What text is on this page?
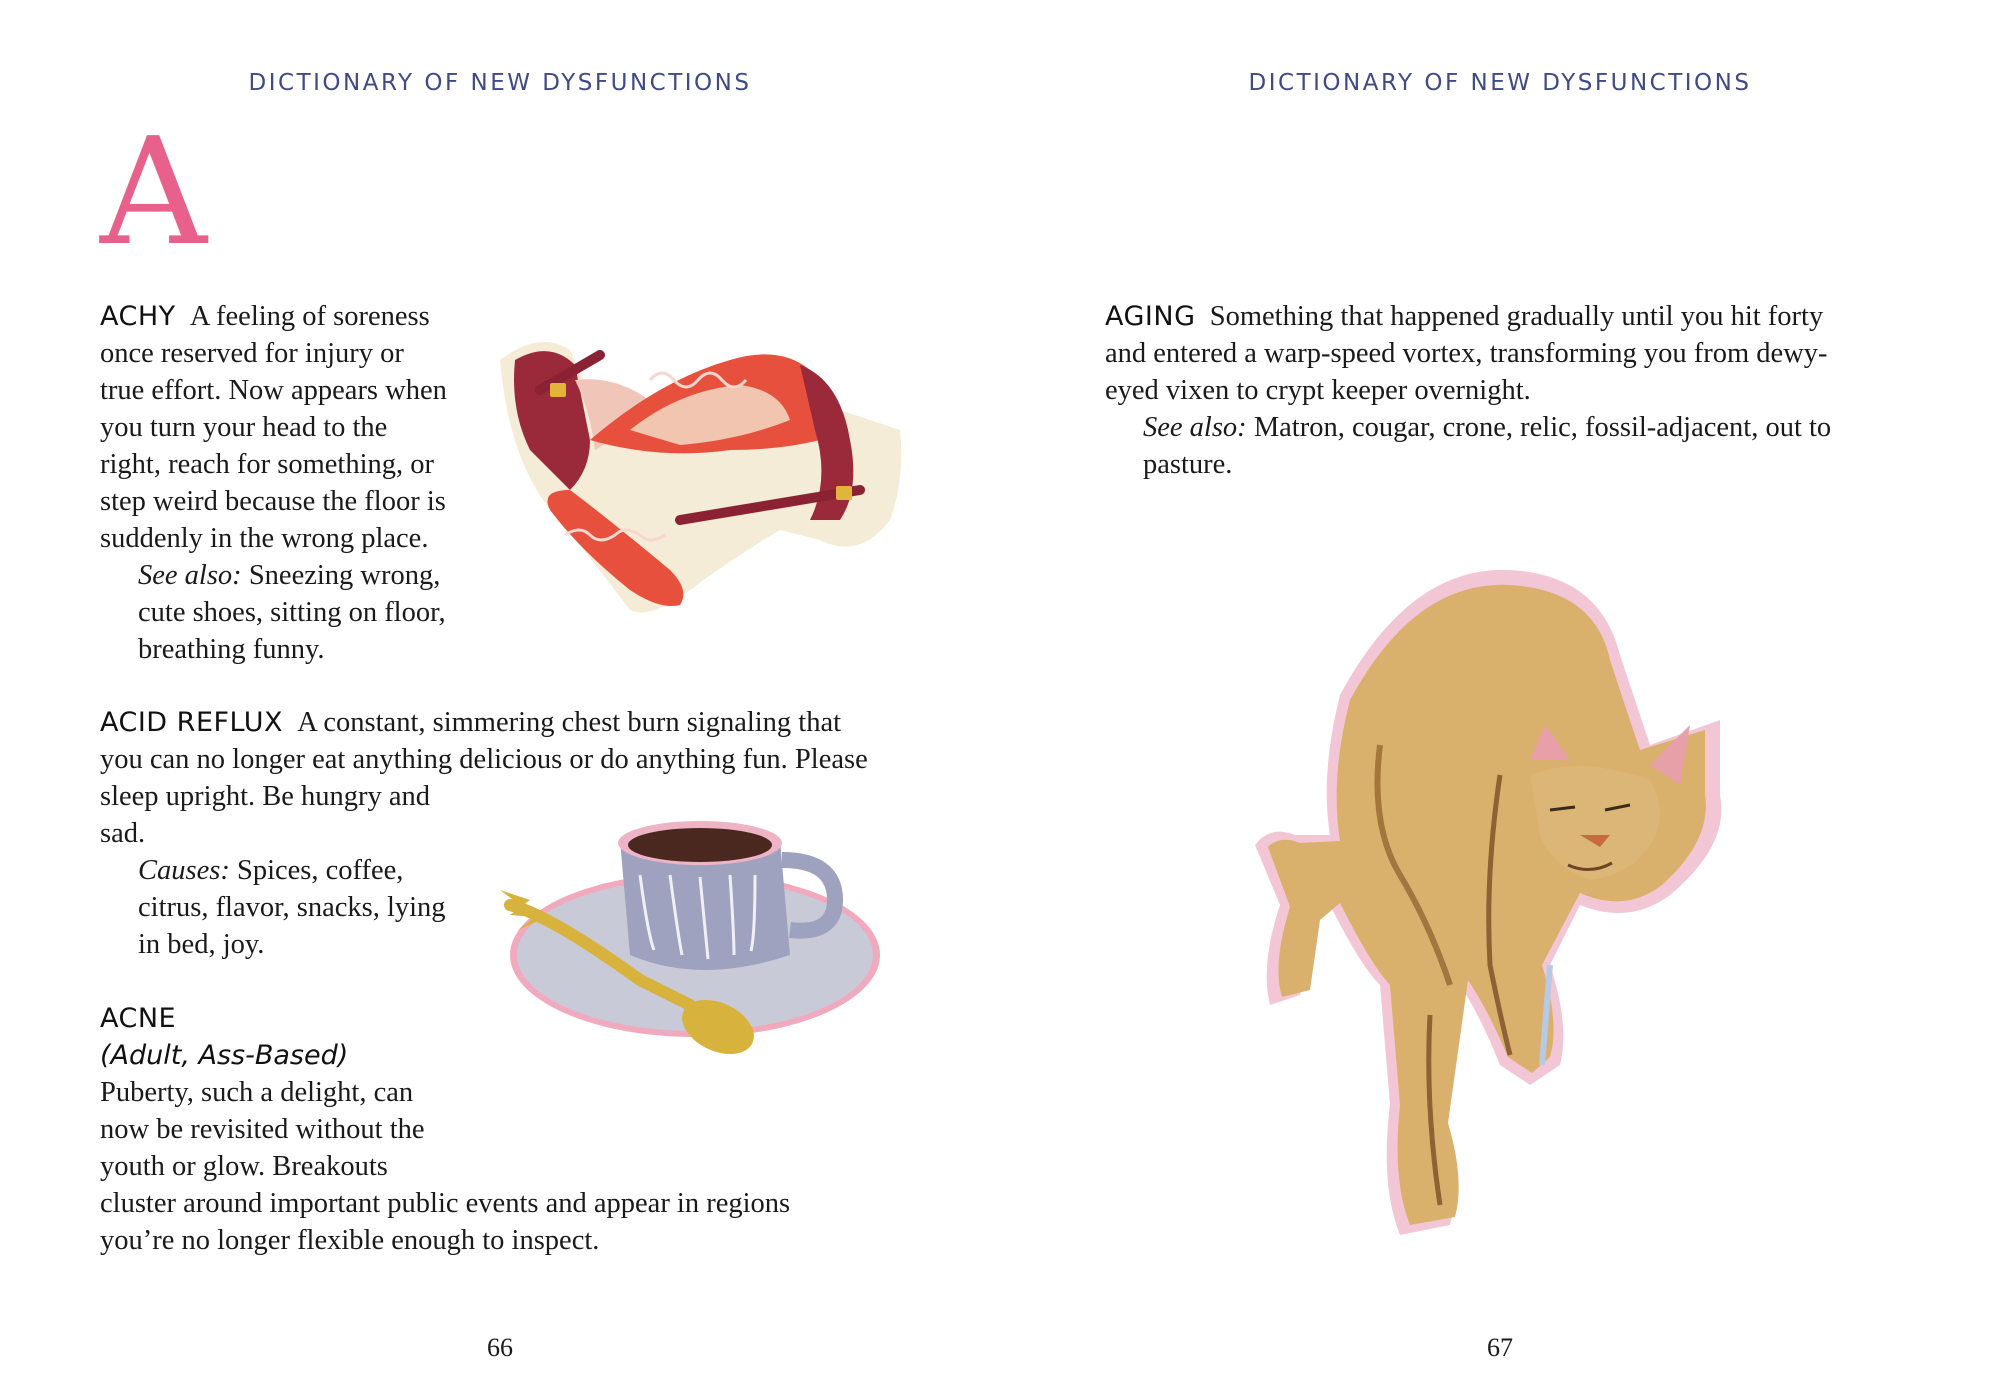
DICTIONARY OF NEW DYSFUNCTIONS
A
ACHY A feeling of soreness
once reserved for injury or
true effort. Now appears when
you turn your head to the
right, reach for something, or
step weird because the floor is
suddenly in the wrong place.
See also: Sneezing wrong,
cute shoes, sitting on floor,
breathing funny.
ACID REFLUX A constant, simmering chest burn signaling that
you can no longer eat anything delicious or do anything fun. Please
sleep upright. Be hungry and
sad.
Causes: Spices, coffee,
citrus, flavor, snacks, lying
in bed, joy.
ACNE
(Adult, Ass-Based)
Puberty, such a delight, can
now be revisited without the
youth or glow. Breakouts
cluster around important public events and appear in regions
you’re no longer flexible enough to inspect.
66
DICTIONARY OF NEW DYSFUNCTIONS
AGING Something that happened gradually until you hit forty
and entered a warp-speed vortex, transforming you from dewy-
eyed vixen to crypt keeper overnight.
See also: Matron, cougar, crone, relic, fossil-adjacent, out to
pasture.
67
